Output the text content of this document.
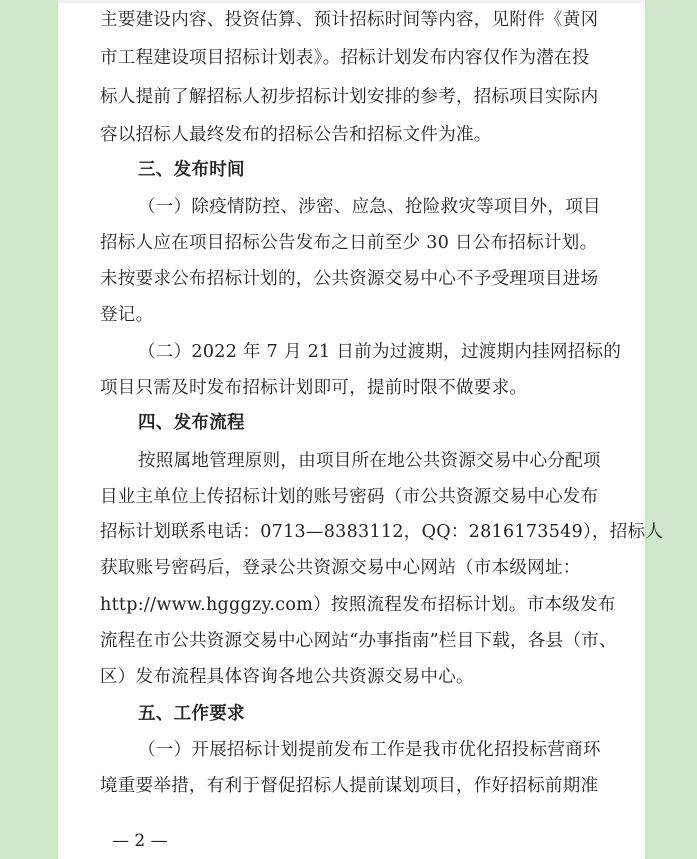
主要建设内容、投资估算、预计招标时间等内容，见附件《黄冈
市工程建设项目招标计划表》。招标计划发布内容仅作为潜在投
标人提前了解招标人初步招标计划安排的参考，招标项目实际内
容以招标人最终发布的招标公告和招标文件为准。
三、发布时间
（一）除疫情防控、涉密、应急、抢险救灾等项目外，项目
招标人应在项目招标公告发布之日前至少 30 日公布招标计划。
未按要求公布招标计划的，公共资源交易中心不予受理项目进场
登记。
（二）2022 年 7 月 21 日前为过渡期，过渡期内挂网招标的
项目只需及时发布招标计划即可，提前时限不做要求。
四、发布流程
按照属地管理原则，由项目所在地公共资源交易中心分配项
目业主单位上传招标计划的账号密码（市公共资源交易中心发布
招标计划联系电话：0713—8383112，QQ：2816173549），招标人
获取账号密码后，登录公共资源交易中心网站（市本级网址：
http://www.hgggzy.com）按照流程发布招标计划。市本级发布
流程在市公共资源交易中心网站“办事指南”栏目下载，各县（市、
区）发布流程具体咨询各地公共资源交易中心。
五、工作要求
（一）开展招标计划提前发布工作是我市优化招投标营商环
境重要举措，有利于督促招标人提前谋划项目，作好招标前期准
— 2 —
